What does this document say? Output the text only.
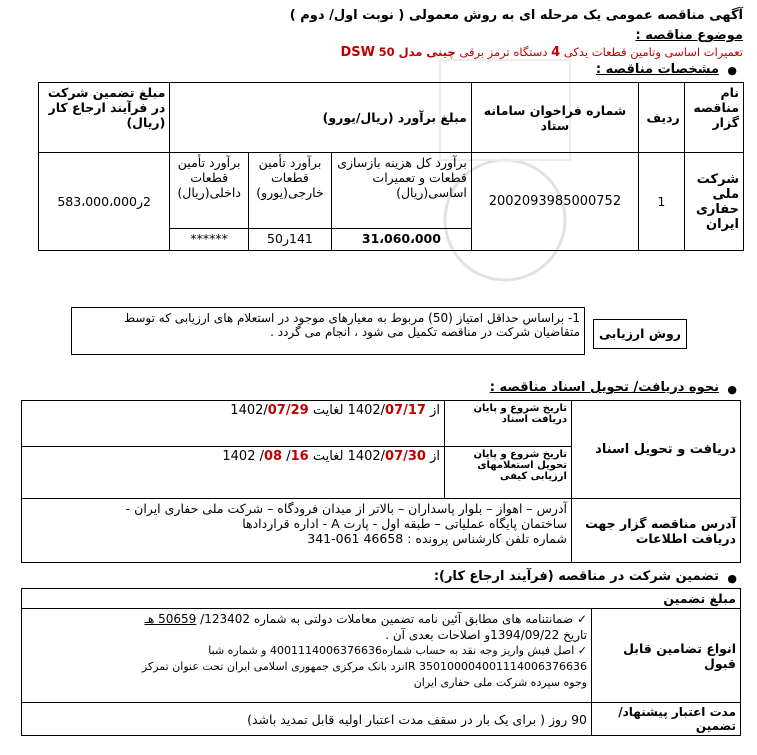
آگهی مناقصه عمومی یک مرحله ای به روش معمولی ( نوبت اول/ دوم )
موضوع مناقصه :
تعمیرات اساسی وتامین قطعات یدکی 4 دستگاه ترمز برقی چینی مدل 50 DSW
●
مشخصات مناقصه :
نام مناقصه گزار	ردیف	شماره فراخوان سامانه ستاد	مبلغ برآورد (ریال/یورو)			مبلغ تضمین شرکت در فرآیند ارجاع کار (ریال)
شرکت ملی حفاری ایران	1	2002093985000752	برآورد کل هزینه بازسازی قطعات و تعمیرات اساسی(ریال)	برآورد تأمین قطعات خارجی(یورو)	برآورد تأمین قطعات داخلی(ریال)	2ر583،000،000
			31،060،000	141ر50	******	
1- براساس حداقل امتیاز (50) مربوط به معیارهای موجود در استعلام های ارزیابی که توسط
متقاضیان شرکت در مناقصه تکمیل می شود ، انجام می گردد .	روش ارزیابی
●
نحوه دریافت/ تحویل اسناد مناقصه :
دریافت و تحویل اسناد	تاریخ شروع و پایان دریافت اسناد	از 1402/07/17 لغایت 1402/07/29
	تاریخ شروع و پایان تحویل استعلامهای ارزیابی کیفی	از 1402/07/30 لغایت 16/ 08/ 1402
آدرس مناقصه گزار جهت دریافت اطلاعات	آدرس – اهواز – بلوار پاسداران – بالاتر از میدان فرودگاه – شرکت ملی حفاری ایران -
ساختمان پایگاه عملیاتی – طبقه اول - پارت A - اداره قراردادها
شماره تلفن کارشناس پرونده : 46658 061-341	
●
تضمین شرکت در مناقصه (فرآیند ارجاع کار):
مبلغ تضمین	
انواع تضامین قابل قبول	✓ ضمانتنامه های مطابق آئین نامه تضمین معاملات دولتی به شماره 123402/ 50659 هـ
تاریخ 1394/09/22و اصلاحات بعدی آن .
✓ اصل فیش واریز وجه نقد به حساب شماره4001114006376636 و شماره شبا
IR 350100004001114006376636نزد بانک مرکزی جمهوری اسلامی ایران تحت عنوان تمرکز
وجوه سپرده شرکت ملی حفاری ایران

مدت اعتبار پیشنهاد/ تضمین	90 روز ( برای یک بار در سقف مدت اعتبار اولیه قابل تمدید باشد)
